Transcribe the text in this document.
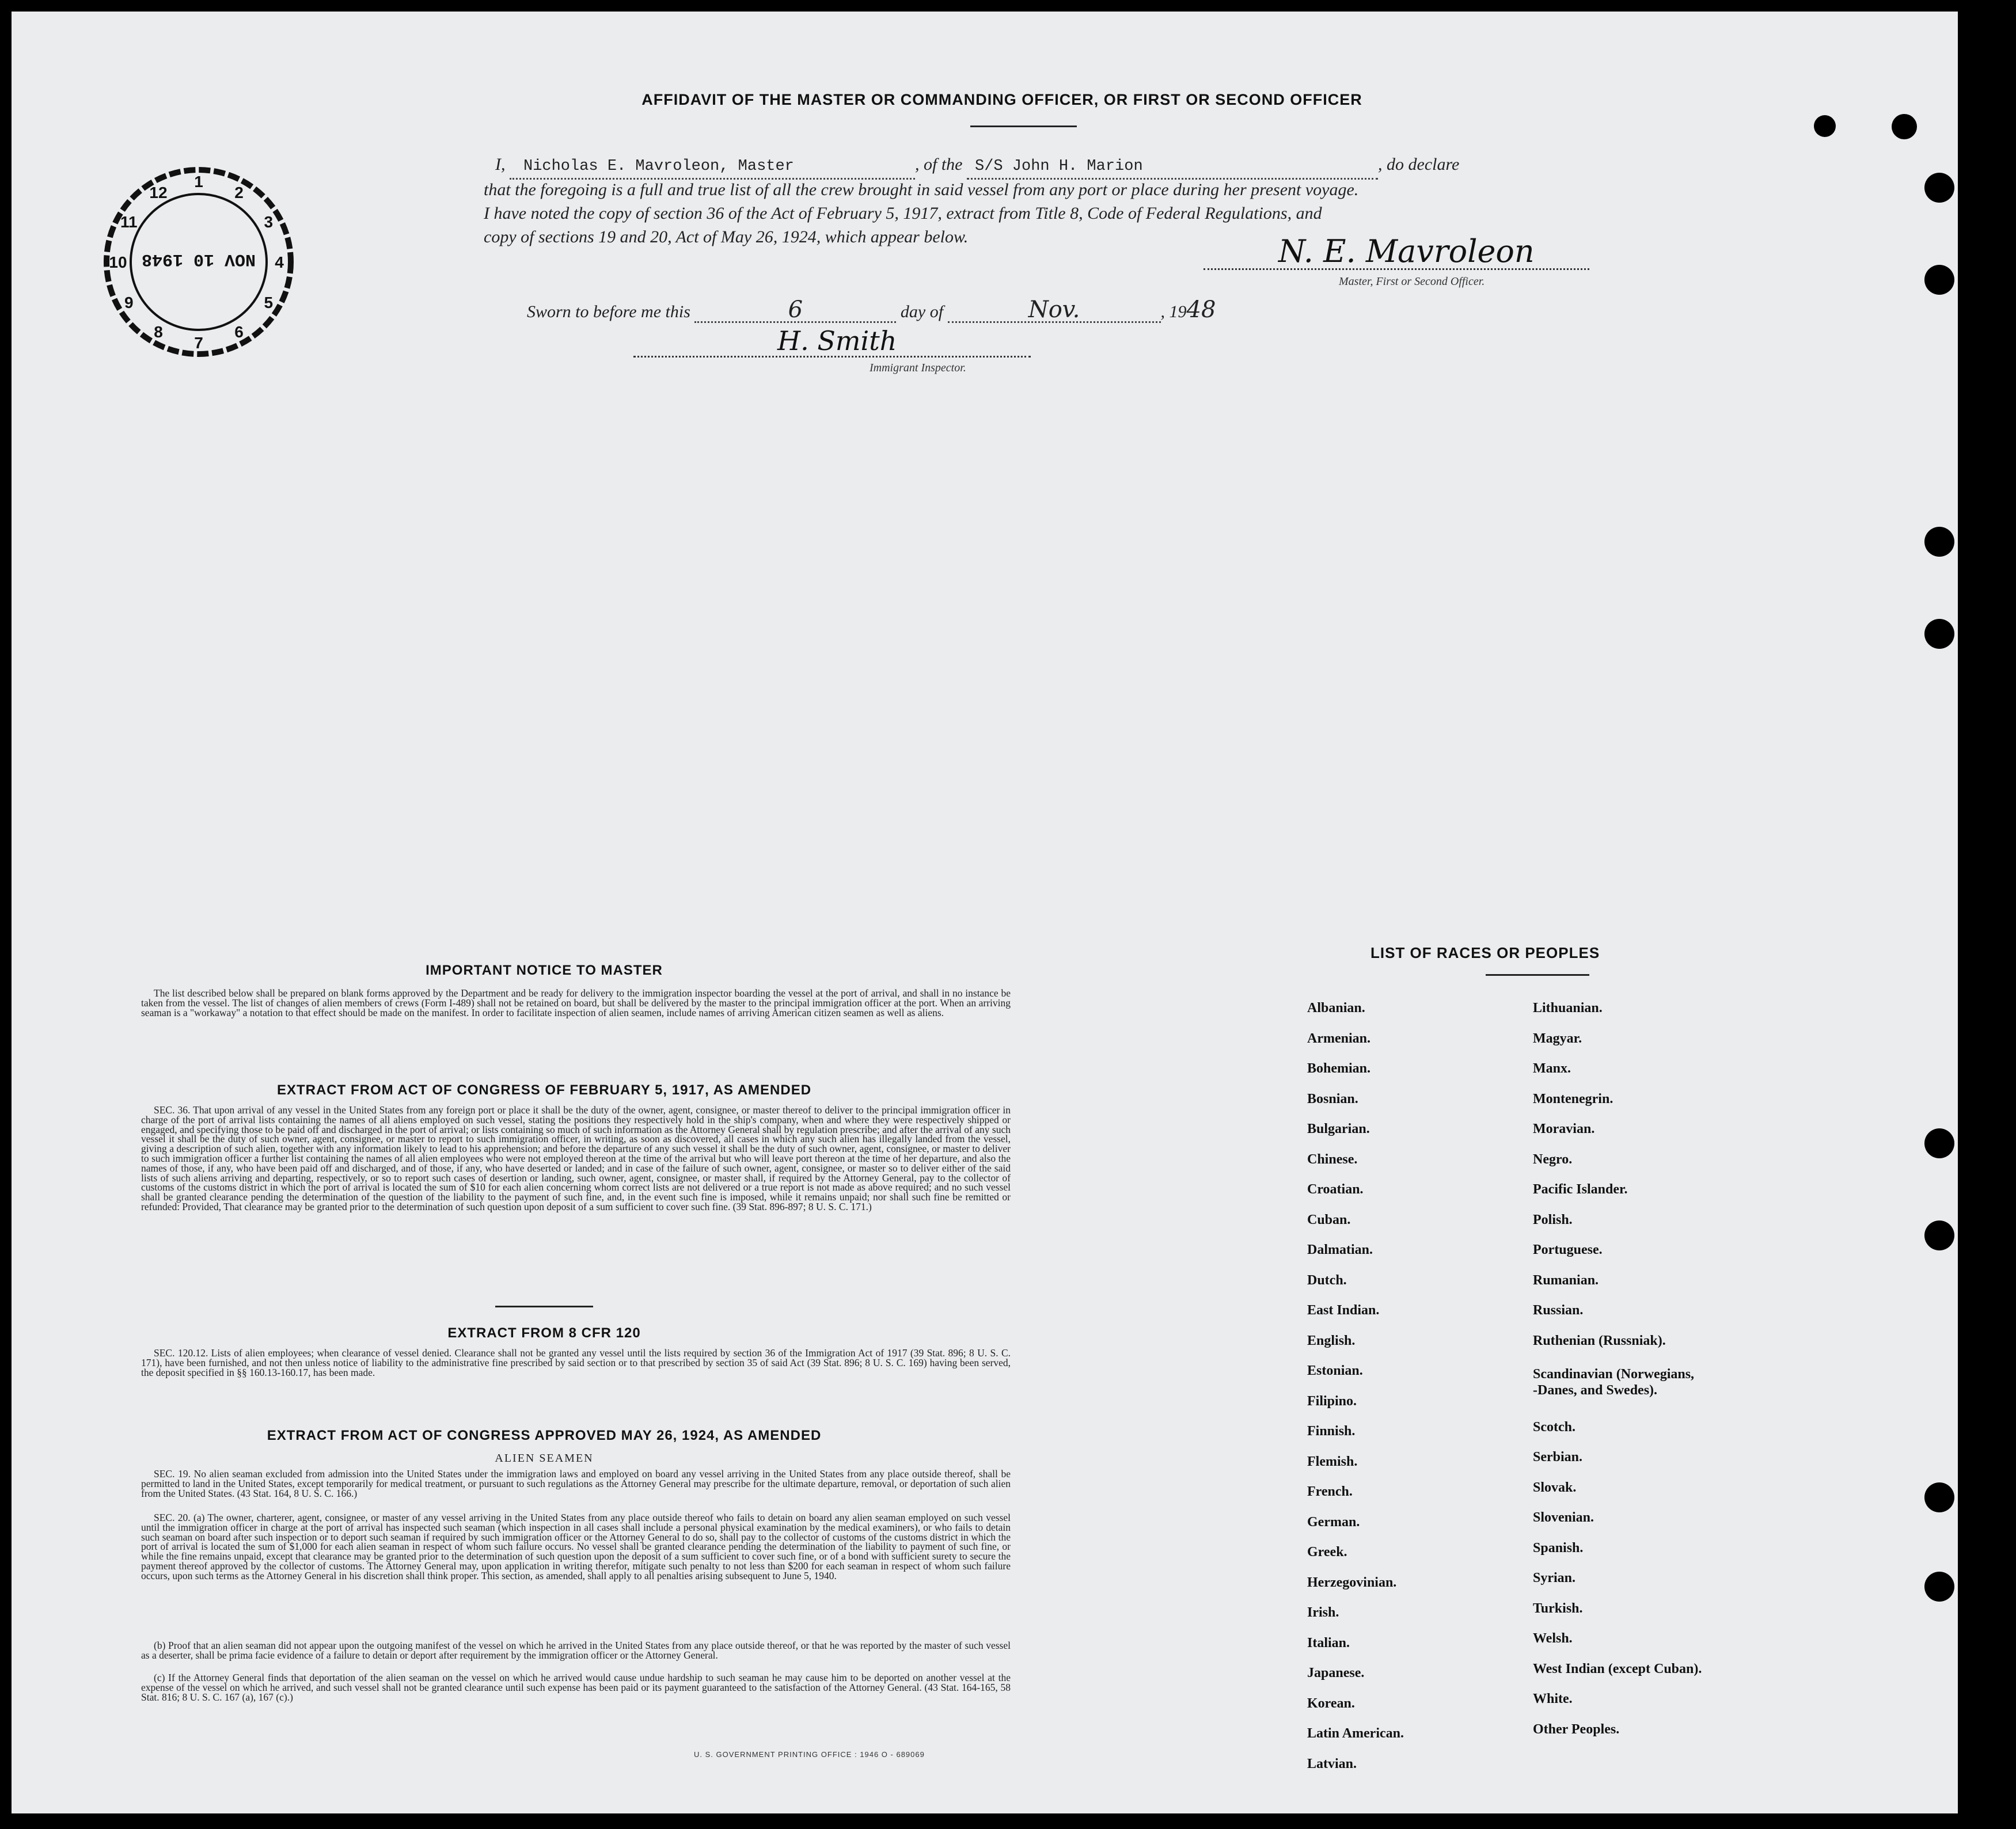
AFFIDAVIT OF THE MASTER OR COMMANDING OFFICER, OR FIRST OR SECOND OFFICER
I, Nicholas E. Mavroleon, Master	, of the S/S John H. Marion	, do declare
that the foregoing is a full and true list of all the crew brought in said vessel from any port or place during her present voyage.
I have noted the copy of section 36 of the Act of February 5, 1917, extract from Title 8, Code of Federal Regulations, and
copy of sections 19 and 20, Act of May 26, 1924, which appear below.	N. E. Mavroleon
Master, First or Second Officer.
Sworn to before me this	6	day of	Nov.	, 1948
H. Smith
Immigrant Inspector.
1
2
3
4
5
6
7
8
9
10
11
12
NOV 10 1948
IMPORTANT NOTICE TO MASTER
The list described below shall be prepared on blank forms approved by the Department and be ready for delivery to the immigration inspector boarding the vessel at the port of arrival, and shall in no instance be taken from the vessel. The list of changes of alien members of crews (Form I-489) shall not be retained on board, but shall be delivered by the master to the principal immigration officer at the port. When an arriving seaman is a "workaway" a notation to that effect should be made on the manifest. In order to facilitate inspection of alien seamen, include names of arriving American citizen seamen as well as aliens.
EXTRACT FROM ACT OF CONGRESS OF FEBRUARY 5, 1917, AS AMENDED
SEC. 36. That upon arrival of any vessel in the United States from any foreign port or place it shall be the duty of the owner, agent, consignee, or master thereof to deliver to the principal immigration officer in charge of the port of arrival lists containing the names of all aliens employed on such vessel, stating the positions they respectively hold in the ship's company, when and where they were respectively shipped or engaged, and specifying those to be paid off and discharged in the port of arrival; or lists containing so much of such information as the Attorney General shall by regulation prescribe; and after the arrival of any such vessel it shall be the duty of such owner, agent, consignee, or master to report to such immigration officer, in writing, as soon as discovered, all cases in which any such alien has illegally landed from the vessel, giving a description of such alien, together with any information likely to lead to his apprehension; and before the departure of any such vessel it shall be the duty of such owner, agent, consignee, or master to deliver to such immigration officer a further list containing the names of all alien employees who were not employed thereon at the time of the arrival but who will leave port thereon at the time of her departure, and also the names of those, if any, who have been paid off and discharged, and of those, if any, who have deserted or landed; and in case of the failure of such owner, agent, consignee, or master so to deliver either of the said lists of such aliens arriving and departing, respectively, or so to report such cases of desertion or landing, such owner, agent, consignee, or master shall, if required by the Attorney General, pay to the collector of customs of the customs district in which the port of arrival is located the sum of $10 for each alien concerning whom correct lists are not delivered or a true report is not made as above required; and no such vessel shall be granted clearance pending the determination of the question of the liability to the payment of such fine, and, in the event such fine is imposed, while it remains unpaid; nor shall such fine be remitted or refunded: Provided, That clearance may be granted prior to the determination of such question upon deposit of a sum sufficient to cover such fine. (39 Stat. 896-897; 8 U. S. C. 171.)
EXTRACT FROM 8 CFR 120
SEC. 120.12. Lists of alien employees; when clearance of vessel denied. Clearance shall not be granted any vessel until the lists required by section 36 of the Immigration Act of 1917 (39 Stat. 896; 8 U. S. C. 171), have been furnished, and not then unless notice of liability to the administrative fine prescribed by said section or to that prescribed by section 35 of said Act (39 Stat. 896; 8 U. S. C. 169) having been served, the deposit specified in §§ 160.13-160.17, has been made.
EXTRACT FROM ACT OF CONGRESS APPROVED MAY 26, 1924, AS AMENDED
ALIEN SEAMEN
SEC. 19. No alien seaman excluded from admission into the United States under the immigration laws and employed on board any vessel arriving in the United States from any place outside thereof, shall be permitted to land in the United States, except temporarily for medical treatment, or pursuant to such regulations as the Attorney General may prescribe for the ultimate departure, removal, or deportation of such alien from the United States. (43 Stat. 164, 8 U. S. C. 166.)
SEC. 20. (a) The owner, charterer, agent, consignee, or master of any vessel arriving in the United States from any place outside thereof who fails to detain on board any alien seaman employed on such vessel until the immigration officer in charge at the port of arrival has inspected such seaman (which inspection in all cases shall include a personal physical examination by the medical examiners), or who fails to detain such seaman on board after such inspection or to deport such seaman if required by such immigration officer or the Attorney General to do so, shall pay to the collector of customs of the customs district in which the port of arrival is located the sum of $1,000 for each alien seaman in respect of whom such failure occurs. No vessel shall be granted clearance pending the determination of the liability to payment of such fine, or while the fine remains unpaid, except that clearance may be granted prior to the determination of such question upon the deposit of a sum sufficient to cover such fine, or of a bond with sufficient surety to secure the payment thereof approved by the collector of customs. The Attorney General may, upon application in writing therefor, mitigate such penalty to not less than $200 for each seaman in respect of whom such failure occurs, upon such terms as the Attorney General in his discretion shall think proper. This section, as amended, shall apply to all penalties arising subsequent to June 5, 1940.
(b) Proof that an alien seaman did not appear upon the outgoing manifest of the vessel on which he arrived in the United States from any place outside thereof, or that he was reported by the master of such vessel as a deserter, shall be prima facie evidence of a failure to detain or deport after requirement by the immigration officer or the Attorney General.
(c) If the Attorney General finds that deportation of the alien seaman on the vessel on which he arrived would cause undue hardship to such seaman he may cause him to be deported on another vessel at the expense of the vessel on which he arrived, and such vessel shall not be granted clearance until such expense has been paid or its payment guaranteed to the satisfaction of the Attorney General. (43 Stat. 164-165, 58 Stat. 816; 8 U. S. C. 167 (a), 167 (c).)
U. S. GOVERNMENT PRINTING OFFICE : 1946 O - 689069
LIST OF RACES OR PEOPLES
Albanian.
Armenian.
Bohemian.
Bosnian.
Bulgarian.
Chinese.
Croatian.
Cuban.
Dalmatian.
Dutch.
East Indian.
English.
Estonian.
Filipino.
Finnish.
Flemish.
French.
German.
Greek.
Herzegovinian.
Irish.
Italian.
Japanese.
Korean.
Latin American.
Latvian.
Lithuanian.
Magyar.
Manx.
Montenegrin.
Moravian.
Negro.
Pacific Islander.
Polish.
Portuguese.
Rumanian.
Russian.
Ruthenian (Russniak).
Scandinavian (Norwegians,
-Danes, and Swedes).
Scotch.
Serbian.
Slovak.
Slovenian.
Spanish.
Syrian.
Turkish.
Welsh.
West Indian (except Cuban).
White.
Other Peoples.
